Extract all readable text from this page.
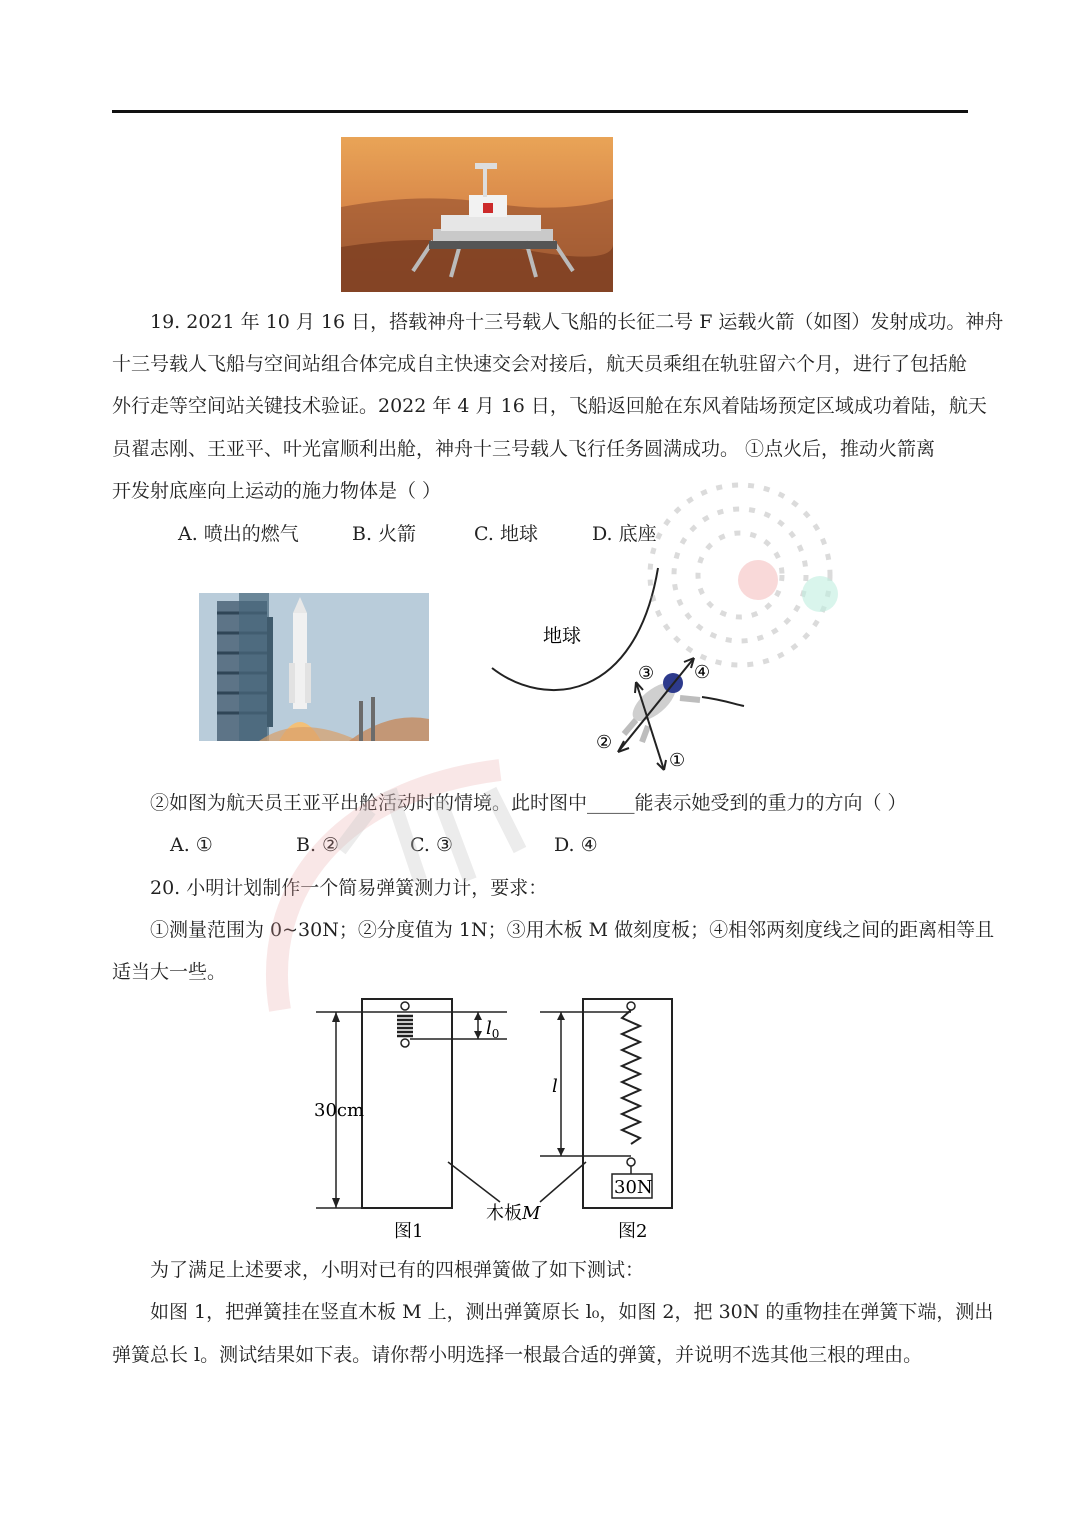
19. 2021 年 10 月 16 日，搭载神舟十三号载人飞船的长征二号 F 运载火箭（如图）发射成功。神舟
十三号载人飞船与空间站组合体完成自主快速交会对接后，航天员乘组在轨驻留六个月，进行了包括舱
外行走等空间站关键技术验证。2022 年 4 月 16 日，飞船返回舱在东风着陆场预定区域成功着陆，航天
员翟志刚、王亚平、叶光富顺利出舱，神舟十三号载人飞行任务圆满成功。 ①点火后，推动火箭离
开发射底座向上运动的施力物体是（ ）
A. 喷出的燃气	B. 火箭	C. 地球	D. 底座
地球
③ ④
②
①
②如图为航天员王亚平出舱活动时的情境。此时图中_____能表示她受到的重力的方向（ ）
A. ①	B. ②	C. ③	D. ④
20. 小明计划制作一个简易弹簧测力计，要求：
①测量范围为 0~30N；②分度值为 1N；③用木板 M 做刻度板；④相邻两刻度线之间的距离相等且
适当大一些。
$l_0$
30cm
30N
l
木板M
图1	图2
为了满足上述要求，小明对已有的四根弹簧做了如下测试：
如图 1，把弹簧挂在竖直木板 M 上，测出弹簧原长 l₀，如图 2，把 30N 的重物挂在弹簧下端，测出
弹簧总长 l。测试结果如下表。请你帮小明选择一根最合适的弹簧，并说明不选其他三根的理由。
